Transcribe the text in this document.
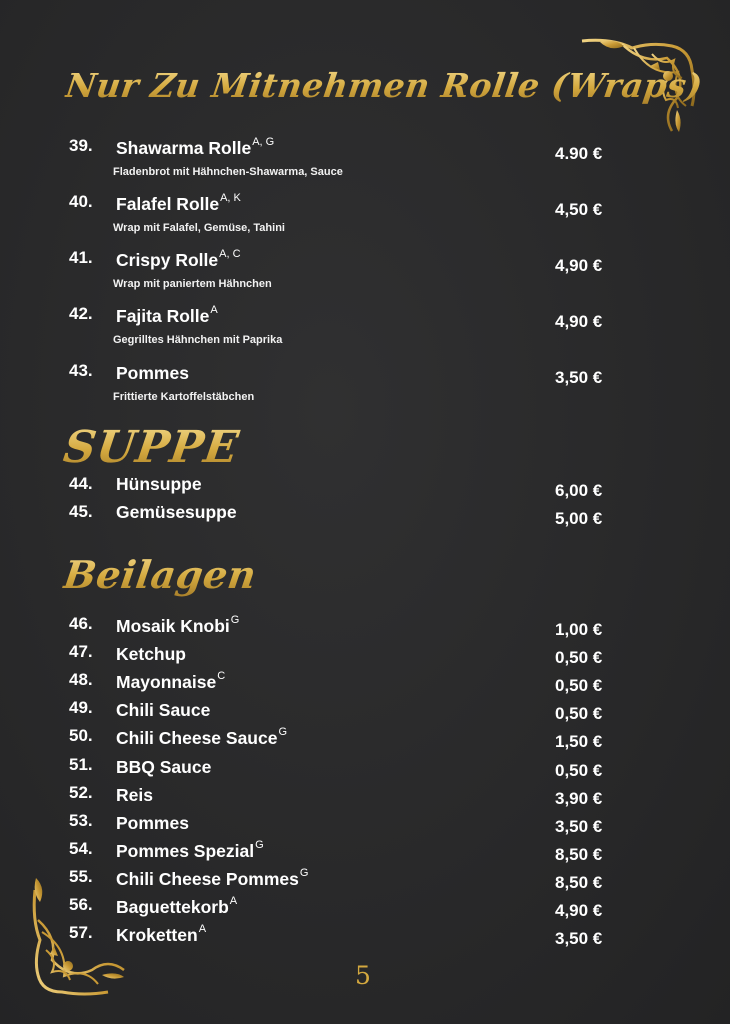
Nur Zu Mitnehmen Rolle (Wraps)
39. Shawarma Rolle$^{A, G}$
Fladenbrot mit Hähnchen-Shawarma, Sauce
4.90 €
40. Falafel Rolle$^{A, K}$
Wrap mit Falafel, Gemüse, Tahini
4,50 €
41. Crispy Rolle$^{A, C}$
Wrap mit paniertem Hähnchen
4,90 €
42. Fajita Rolle$^A$
Gegrilltes Hähnchen mit Paprika
4,90 €
43. Pommes
Frittierte Kartoffelstäbchen
3,50 €
SUPPE
44. Hünsuppe	6,00 €
45. Gemüsesuppe	5,00 €
Beilagen
46. Mosaik Knobi$^G$	1,00 €
47. Ketchup	0,50 €
48. Mayonnaise$^C$	0,50 €
49. Chili Sauce	0,50 €
50. Chili Cheese Sauce$^G$	1,50 €
51. BBQ Sauce	0,50 €
52. Reis	3,90 €
53. Pommes	3,50 €
54. Pommes Spezial$^G$	8,50 €
55. Chili Cheese Pommes$^G$	8,50 €
56. Baguettekorb$^A$	4,90 €
57. Kroketten$^A$	3,50 €
5
